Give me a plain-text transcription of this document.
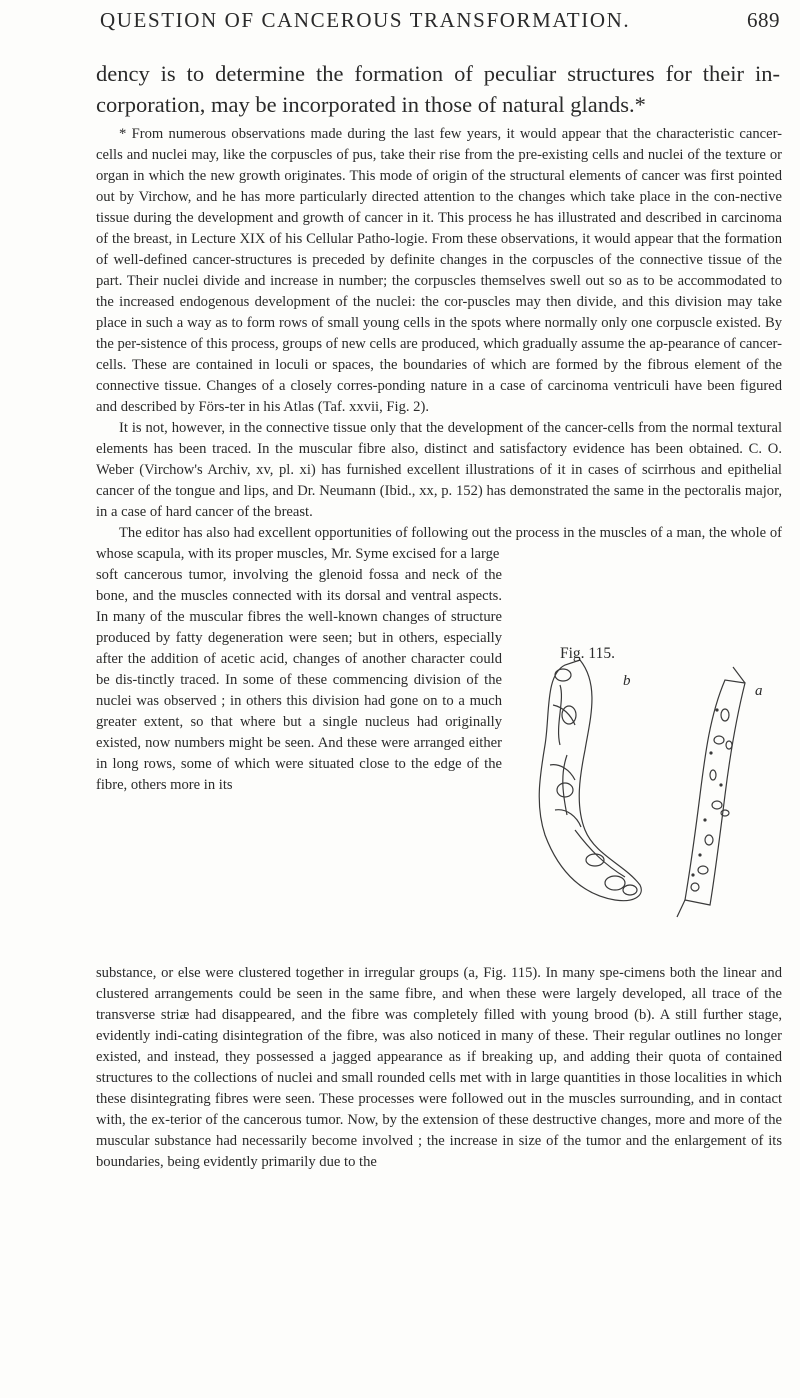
QUESTION OF CANCEROUS TRANSFORMATION.	689
dency is to determine the formation of peculiar structures for their in-corporation, may be incorporated in those of natural glands.*

* From numerous observations made during the last few years, it would appear that the characteristic cancer-cells and nuclei may, like the corpuscles of pus, take their rise from the pre-existing cells and nuclei of the texture or organ in which the new growth originates. This mode of origin of the structural elements of cancer was first pointed out by Virchow, and he has more particularly directed attention to the changes which take place in the con-nective tissue during the development and growth of cancer in it. This process he has illustrated and described in carcinoma of the breast, in Lecture XIX of his Cellular Patho-logie. From these observations, it would appear that the formation of well-defined cancer-structures is preceded by definite changes in the corpuscles of the connective tissue of the part. Their nuclei divide and increase in number; the corpuscles themselves swell out so as to be accommodated to the increased endogenous development of the nuclei: the cor-puscles may then divide, and this division may take place in such a way as to form rows of small young cells in the spots where normally only one corpuscle existed. By the per-sistence of this process, groups of new cells are produced, which gradually assume the ap-pearance of cancer-cells. These are contained in loculi or spaces, the boundaries of which are formed by the fibrous element of the connective tissue. Changes of a closely corres-ponding nature in a case of carcinoma ventriculi have been figured and described by Förs-ter in his Atlas (Taf. xxvii, Fig. 2).

It is not, however, in the connective tissue only that the development of the cancer-cells from the normal textural elements has been traced. In the muscular fibre also, distinct and satisfactory evidence has been obtained. C. O. Weber (Virchow's Archiv, xv, pl. xi) has furnished excellent illustrations of it in cases of scirrhous and epithelial cancer of the tongue and lips, and Dr. Neumann (Ibid., xx, p. 152) has demonstrated the same in the pectoralis major, in a case of hard cancer of the breast.

The editor has also had excellent opportunities of following out the process in the muscles of a man, the whole of whose scapula, with its proper muscles, Mr. Syme excised for a large

soft cancerous tumor, involving the glenoid fossa and neck of the bone, and the muscles connected with its dorsal and ventral aspects. In many of the muscular fibres the well-known changes of structure produced by fatty degeneration were seen; but in others, especially after the addition of acetic acid, changes of another character could be dis-tinctly traced. In some of these commencing division of the nuclei was observed ; in others this division had gone on to a much greater extent, so that where but a single nucleus had originally existed, now numbers might be seen. And these were arranged either in long rows, some of which were situated close to the edge of the fibre, others more in its
b
a
Fig. 115.

substance, or else were clustered together in irregular groups (a, Fig. 115). In many spe-cimens both the linear and clustered arrangements could be seen in the same fibre, and when these were largely developed, all trace of the transverse striæ had disappeared, and the fibre was completely filled with young brood (b). A still further stage, evidently indi-cating disintegration of the fibre, was also noticed in many of these. Their regular outlines no longer existed, and instead, they possessed a jagged appearance as if breaking up, and adding their quota of contained structures to the collections of nuclei and small rounded cells met with in large quantities in those localities in which these disintegrating fibres were seen. These processes were followed out in the muscles surrounding, and in contact with, the ex-terior of the cancerous tumor. Now, by the extension of these destructive changes, more and more of the muscular substance had necessarily become involved ; the increase in size of the tumor and the enlargement of its boundaries, being evidently primarily due to the
